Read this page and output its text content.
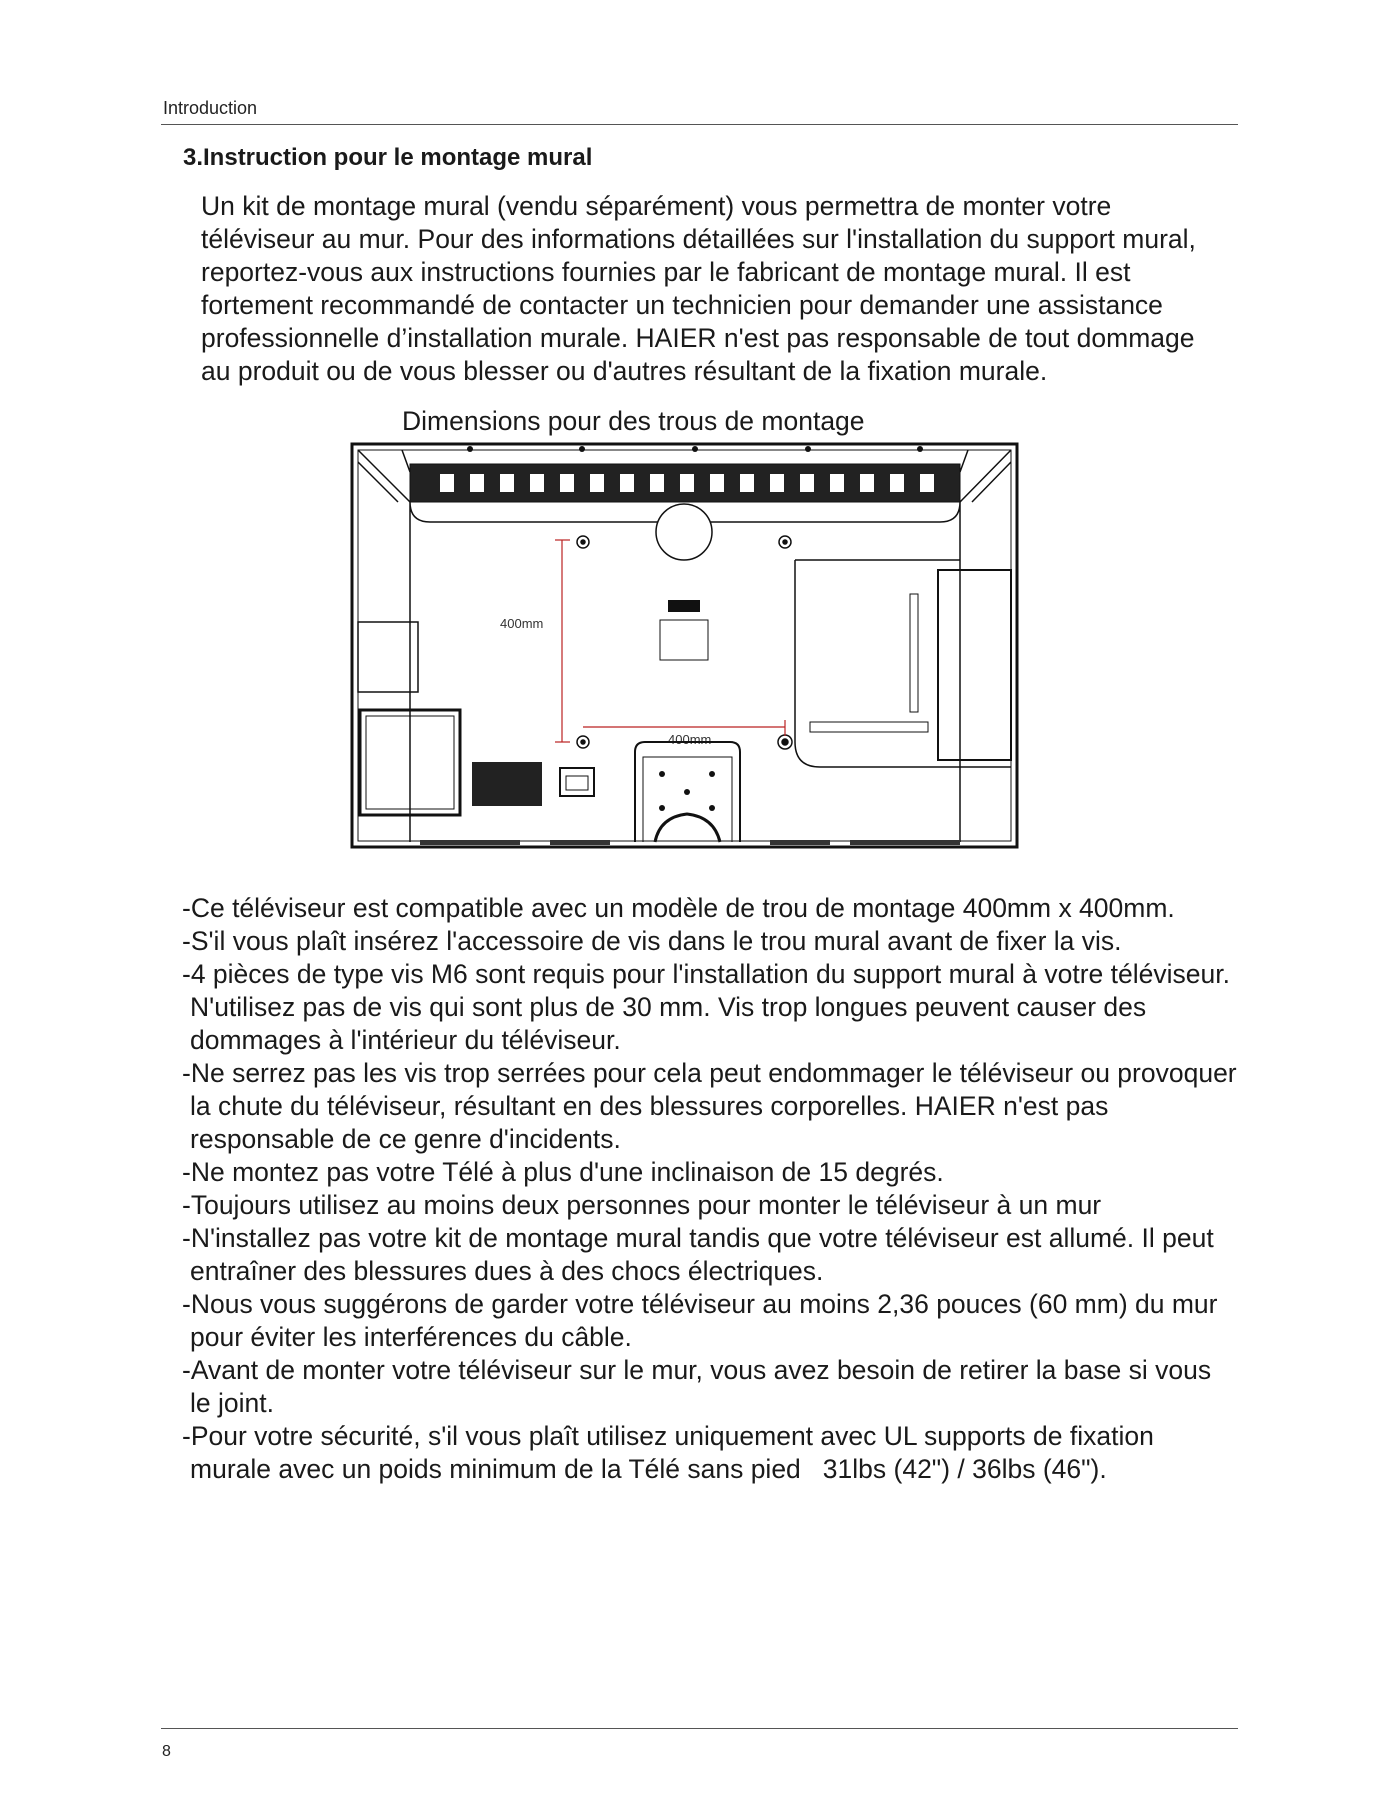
Introduction
3.Instruction pour le montage mural

Un kit de montage mural (vendu séparément) vous permettra de monter votre
téléviseur au mur. Pour des informations détaillées sur l'installation du support mural,
reportez-vous aux instructions fournies par le fabricant de montage mural. Il est
fortement recommandé de contacter un technicien pour demander une assistance
professionnelle d’installation murale. HAIER n'est pas responsable de tout dommage
au produit ou de vous blesser ou d'autres résultant de la fixation murale.

Dimensions pour des trous de montage
400mm
400mm
-Ce téléviseur est compatible avec un modèle de trou de montage 400mm x 400mm.
-S'il vous plaît insérez l'accessoire de vis dans le trou mural avant de fixer la vis.
-4 pièces de type vis M6 sont requis pour l'installation du support mural à votre téléviseur.
N'utilisez pas de vis qui sont plus de 30 mm. Vis trop longues peuvent causer des
dommages à l'intérieur du téléviseur.
-Ne serrez pas les vis trop serrées pour cela peut endommager le téléviseur ou provoquer
la chute du téléviseur, résultant en des blessures corporelles. HAIER n'est pas
responsable de ce genre d'incidents.
-Ne montez pas votre Télé à plus d'une inclinaison de 15 degrés.
-Toujours utilisez au moins deux personnes pour monter le téléviseur à un mur
-N'installez pas votre kit de montage mural tandis que votre téléviseur est allumé. Il peut
entraîner des blessures dues à des chocs électriques.
-Nous vous suggérons de garder votre téléviseur au moins 2,36 pouces (60 mm) du mur
pour éviter les interférences du câble.
-Avant de monter votre téléviseur sur le mur, vous avez besoin de retirer la base si vous
le joint.
-Pour votre sécurité, s'il vous plaît utilisez uniquement avec UL supports de fixation
murale avec un poids minimum de la Télé sans pied 31lbs (42") / 36lbs (46").
8
